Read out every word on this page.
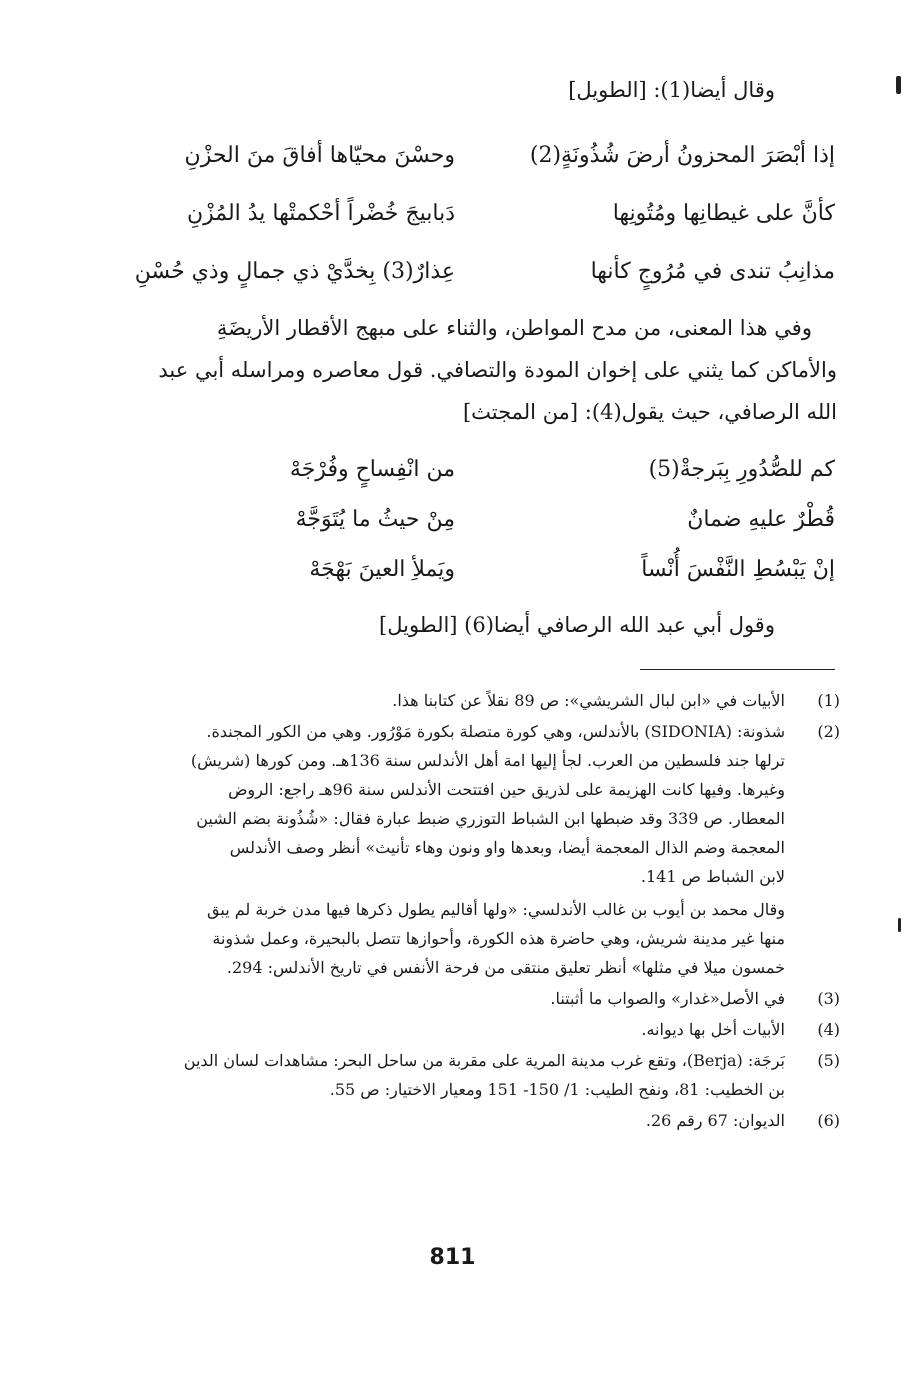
وقال أيضا(1): [الطويل]
إذا أبْصَرَ المحزونُ أرضَ شُذُونَةٍ(2)
وحسْنَ محيّاها أفاقَ منَ الحزْنِ
كأنَّ على غيطانِها ومُتُونِها
دَبابيجَ خُضْراً أحْكمتْها يدُ المُزْنِ
مذانِبُ تندى في مُرُوجٍ كأنها
عِذارٌ(3) بِخدَّيْ ذي جمالٍ وذي حُسْنِ
وفي هذا المعنى، من مدح المواطن، والثناء على مبهج الأقطار الأريضَةِ
والأماكن كما يثني على إخوان المودة والتصافي. قول معاصره ومراسله أبي عبد
الله الرصافي، حيث يقول(4): [من المجتث]
كم للصُّدُورِ بِبَرجةْ(5)
من انْفِساحٍ وفُرْجَهْ
قُطْرٌ عليهِ ضمانٌ
مِنْ حيثُ ما يُتَوَجَّهْ
إنْ يَبْسُطِ النَّفْسَ أُنْساً
ويَملأِ العينَ بَهْجَهْ
وقول أبي عبد الله الرصافي أيضا(6) [الطويل]
(1)
الأبيات في «ابن لبال الشريشي»: ص 89 نقلاً عن كتابنا هذا.
(2)
شذونة: (SIDONIA) بالأندلس، وهي كورة متصلة بكورة مَوْرُور. وهي من الكور المجندة.
ترلها جند فلسطين من العرب. لجأ إليها امة أهل الأندلس سنة 136هـ. ومن كورها (شريش)
وغيرها. وفيها كانت الهزيمة على لذريق حين افتتحت الأندلس سنة 96هـ راجع: الروض
المعطار. ص 339 وقد ضبطها ابن الشباط التوزري ضبط عبارة فقال: «شُذُونة بضم الشين
المعجمة وضم الذال المعجمة أيضا، وبعدها واو ونون وهاء تأنيث» أنظر وصف الأندلس
لابن الشباط ص 141.
وقال محمد بن أيوب بن غالب الأندلسي: «ولها أقاليم يطول ذكرها فيها مدن خربة لم يبق
منها غير مدينة شريش، وهي حاضرة هذه الكورة، وأحوازها تتصل بالبحيرة، وعمل شذونة
خمسون ميلا في مثلها» أنظر تعليق منتقى من فرحة الأنفس في تاريخ الأندلس: 294.
(3)
في الأصل«غدار» والصواب ما أثبتنا.
(4)
الأبيات أخل بها ديوانه.
(5)
بَرجَة: (Berja)، وتقع غرب مدينة المرية على مقربة من ساحل البحر: مشاهدات لسان الدين
بن الخطيب: 81، ونفح الطيب: 1/ 150- 151 ومعيار الاختيار: ص 55.
(6)
الديوان: 67 رقم 26.
811
